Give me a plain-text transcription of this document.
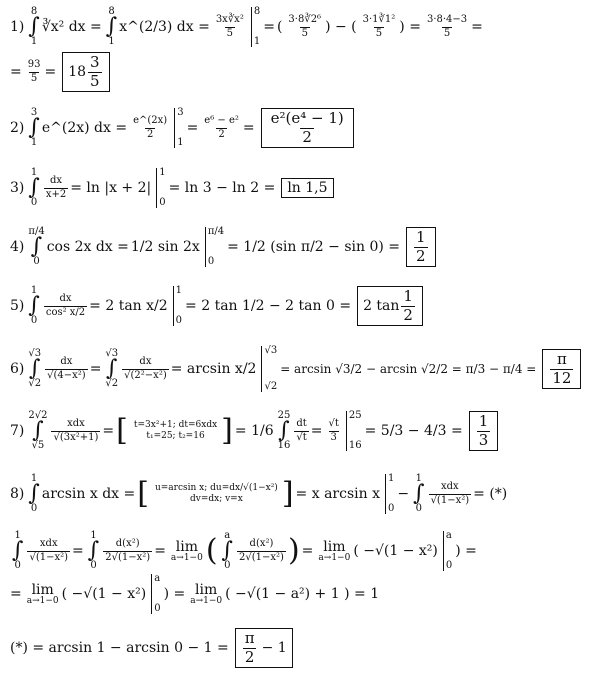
1)
8
∫
1
∛x² dx =
8
∫
1
x^(2/3) dx = $\frac{\text{3x∛x²}}{5}$
8
1
= ( 3·8∛2⁶
5 ) − ( 3·1∛1²
5 ) = $\frac{3\cdot 8\cdot 4-3}{5}$ =
= $\frac{93}{5} = 18$
3
5
2)
3
∫
1
e^(2x) dx = $\frac{e\^{}(2x)}{2}$
3
1
= $\frac{\text{e⁶ − e²}}{2}$ =
e²(e⁴ − 1)
2
3)
1
∫
0
$\frac{dx}{x+2} = \ln |x + 2|$
1
0
= ln 3 − ln 2 = ln 1,5
4)
π/4
∫
0
cos 2x dx = 1/2 sin 2x
π/4
0
= 1/2 (sin π/2 − sin 0) =
1
2
5)
1
∫
0
$\frac{dx}{\text{cos² x/2}} = 2$ tan x/2
1
0
= 2 tan 1/2 − 2 tan 0 = 2 tan
1
2
6)
√3
∫
√2
$\frac{dx}{\text{√(4−x²)}}$ =
√3
∫
√2
$\frac{dx}{\text{√(2²−x²)}} = \arcsin x/2$
√3
√2
= arcsin √3/2 − arcsin √2/2 = π/3 − π/4 =
π
12
7)
2√2
∫
√5
xdx
√(3x²+1) = [ t=3x²+1; dt=6xdx
t₁=25; t₂=16 ] = 1/6
25
∫
16
$\frac{dt}{√t} = \frac{√t}{3}$
25
16
= 5/3 − 4/3 =
1
3
8)
1
∫
0
arcsin x dx = [ u=arcsin x; du=dx/√(1−x²)
dv=dx; v=x ] = x arcsin x
1
0
−
1
∫
0
xdx
√(1−x²) = (*)
1
∫
0
xdx
√(1−x²) =
1
∫
0
$\frac{\text{d(x²)}}{\text{2√(1−x²)}} = \lim$
a→1−0 ( a
∫
0
d(x²)
2√(1−x²) ) = lim
a→1−0 ( −√(1 − x²)
a
0
) =
= lim
a→1−0 ( −√(1 − x²)
a
0
) = lim
a→1−0 ( −√(1 − a²) + 1 ) = 1
(*) = arcsin 1 − arcsin 0 − 1 =
π
2 − 1
